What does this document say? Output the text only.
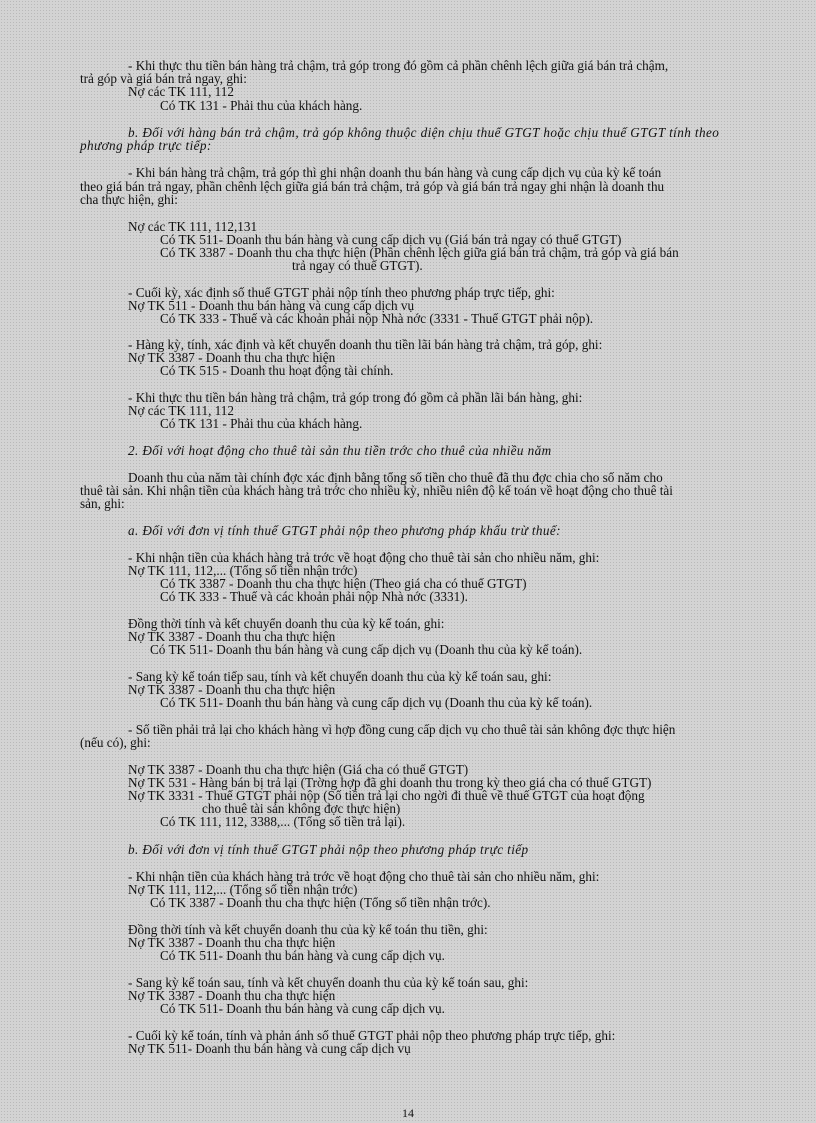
- Khi thực thu tiền bán hàng trả chậm, trả góp trong đó gồm cả phần chênh lệch giữa giá bán trả chậm,
trả góp và giá bán trả ngay, ghi:
Nợ các TK 111, 112
Có TK 131 - Phải thu của khách hàng.
b. Đối với hàng bán trả chậm, trả góp không thuộc diện chịu thuế GTGT hoặc chịu thuế GTGT tính theo
phương pháp trực tiếp:
- Khi bán hàng trả chậm, trả góp thì ghi nhận doanh thu bán hàng và cung cấp dịch vụ của kỳ kế toán
theo giá bán trả ngay, phần chênh lệch giữa giá bán trả chậm, trả góp và giá bán trả ngay ghi nhận là doanh thu
cha thực hiện, ghi:
Nợ các TK 111, 112,131
Có TK 511- Doanh thu bán hàng và cung cấp dịch vụ (Giá bán trả ngay có thuế GTGT)
Có TK 3387 - Doanh thu cha thực hiện (Phần chênh lệch giữa giá bán trả chậm, trả góp và giá bán
trả ngay có thuế GTGT).
- Cuối kỳ, xác định số thuế GTGT phải nộp tính theo phương pháp trực tiếp, ghi:
Nợ TK 511 - Doanh thu bán hàng và cung cấp dịch vụ
Có TK 333 - Thuế và các khoản phải nộp Nhà nớc (3331 - Thuế GTGT phải nộp).
- Hàng kỳ, tính, xác định và kết chuyển doanh thu tiền lãi bán hàng trả chậm, trả góp, ghi:
Nợ TK 3387 - Doanh thu cha thực hiện
Có TK 515 - Doanh thu hoạt động tài chính.
- Khi thực thu tiền bán hàng trả chậm, trả góp trong đó gồm cả phần lãi bán hàng, ghi:
Nợ các TK 111, 112
Có TK 131 - Phải thu của khách hàng.
2. Đối với hoạt động cho thuê tài sản thu tiền trớc cho thuê của nhiều năm
Doanh thu của năm tài chính đợc xác định bằng tổng số tiền cho thuê đã thu đợc chia cho số năm cho
thuê tài sản. Khi nhận tiền của khách hàng trả trớc cho nhiều kỳ, nhiều niên độ kế toán về hoạt động cho thuê tài
sản, ghi:
a. Đối với đơn vị tính thuế GTGT phải nộp theo phương pháp khấu trừ thuế:
- Khi nhận tiền của khách hàng trả trớc về hoạt động cho thuê tài sản cho nhiều năm, ghi:
Nợ TK 111, 112,... (Tổng số tiền nhận trớc)
Có TK 3387 - Doanh thu cha thực hiện (Theo giá cha có thuế GTGT)
Có TK 333 - Thuế và các khoản phải nộp Nhà nớc (3331).
Đồng thời tính và kết chuyển doanh thu của kỳ kế toán, ghi:
Nợ TK 3387 - Doanh thu cha thực hiện
Có TK 511- Doanh thu bán hàng và cung cấp dịch vụ (Doanh thu của kỳ kế toán).
- Sang kỳ kế toán tiếp sau, tính và kết chuyển doanh thu của kỳ kế toán sau, ghi:
Nợ TK 3387 - Doanh thu cha thực hiện
Có TK 511- Doanh thu bán hàng và cung cấp dịch vụ (Doanh thu của kỳ kế toán).
- Số tiền phải trả lại cho khách hàng vì hợp đồng cung cấp dịch vụ cho thuê tài sản không đợc thực hiện
(nếu có), ghi:
Nợ TK 3387 - Doanh thu cha thực hiện (Giá cha có thuế GTGT)
Nợ TK 531 - Hàng bán bị trả lại (Trờng hợp đã ghi doanh thu trong kỳ theo giá cha có thuế GTGT)
Nợ TK 3331 - Thuế GTGT phải nộp (Số tiền trả lại cho ngời đi thuê về thuế GTGT của hoạt động
cho thuê tài sản không đợc thực hiện)
Có TK 111, 112, 3388,... (Tổng số tiền trả lại).
b. Đối với đơn vị tính thuế GTGT phải nộp theo phương pháp trực tiếp
- Khi nhận tiền của khách hàng trả trớc về hoạt động cho thuê tài sản cho nhiều năm, ghi:
Nợ TK 111, 112,... (Tổng số tiền nhận trớc)
Có TK 3387 - Doanh thu cha thực hiện (Tổng số tiền nhận trớc).
Đồng thời tính và kết chuyển doanh thu của kỳ kế toán thu tiền, ghi:
Nợ TK 3387 - Doanh thu cha thực hiện
Có TK 511- Doanh thu bán hàng và cung cấp dịch vụ.
- Sang kỳ kế toán sau, tính và kết chuyển doanh thu của kỳ kế toán sau, ghi:
Nợ TK 3387 - Doanh thu cha thực hiện
Có TK 511- Doanh thu bán hàng và cung cấp dịch vụ.
- Cuối kỳ kế toán, tính và phản ánh số thuế GTGT phải nộp theo phương pháp trực tiếp, ghi:
Nợ TK 511- Doanh thu bán hàng và cung cấp dịch vụ
14
